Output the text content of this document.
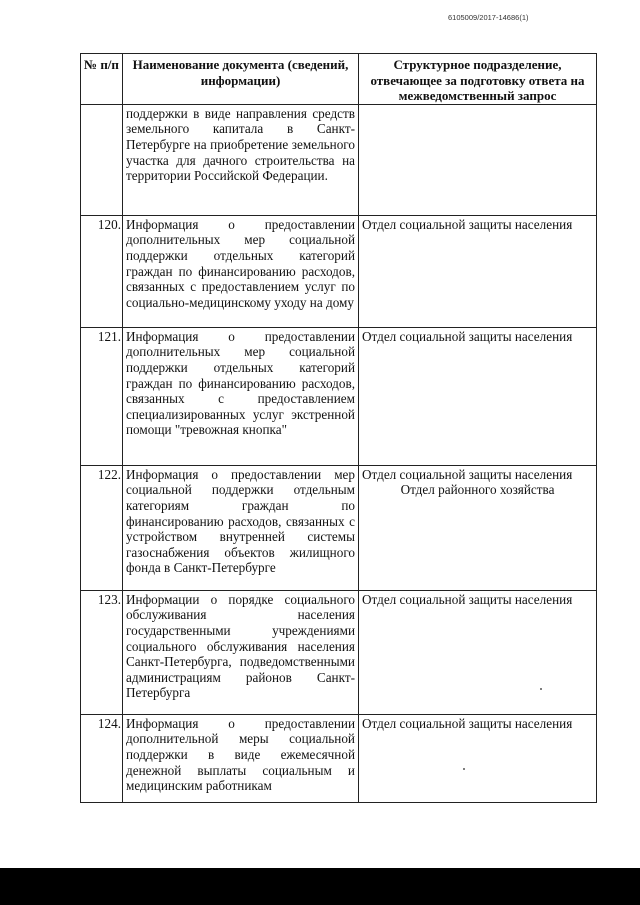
6105009/2017-14686(1)
№ п/п	Наименование документа (сведений, информации)	Структурное подразделение, отвечающее за подготовку ответа на межведомственный запрос
	поддержки в виде направления средств земельного капитала в Санкт-Петербурге на приобретение земельного участка для дачного строительства на территории Российской Федерации.	
120.	Информация о предоставлении дополнительных мер социальной поддержки отдельных категорий граждан по финансированию расходов, связанных с предоставлением услуг по социально-медицинскому уходу на дому	Отдел социальной защиты населения

121.	Информация о предоставлении дополнительных мер социальной поддержки отдельных категорий граждан по финансированию расходов, связанных с предоставлением специализированных услуг экстренной помощи "тревожная кнопка"	Отдел социальной защиты населения

122.	Информация о предоставлении мер социальной поддержки отдельным категориям граждан по финансированию расходов, связанных с устройством внутренней системы газоснабжения объектов жилищного фонда в Санкт-Петербурге	Отдел социальной защиты населения
Отдел районного хозяйства

123.	Информации о порядке социального обслуживания населения государственными учреждениями социального обслуживания населения Санкт-Петербурга, подведомственными администрациям районов Санкт-Петербурга	Отдел социальной защиты населения

124.	Информация о предоставлении дополнительной меры социальной поддержки в виде ежемесячной денежной выплаты социальным и медицинским работникам	Отдел социальной защиты населения
